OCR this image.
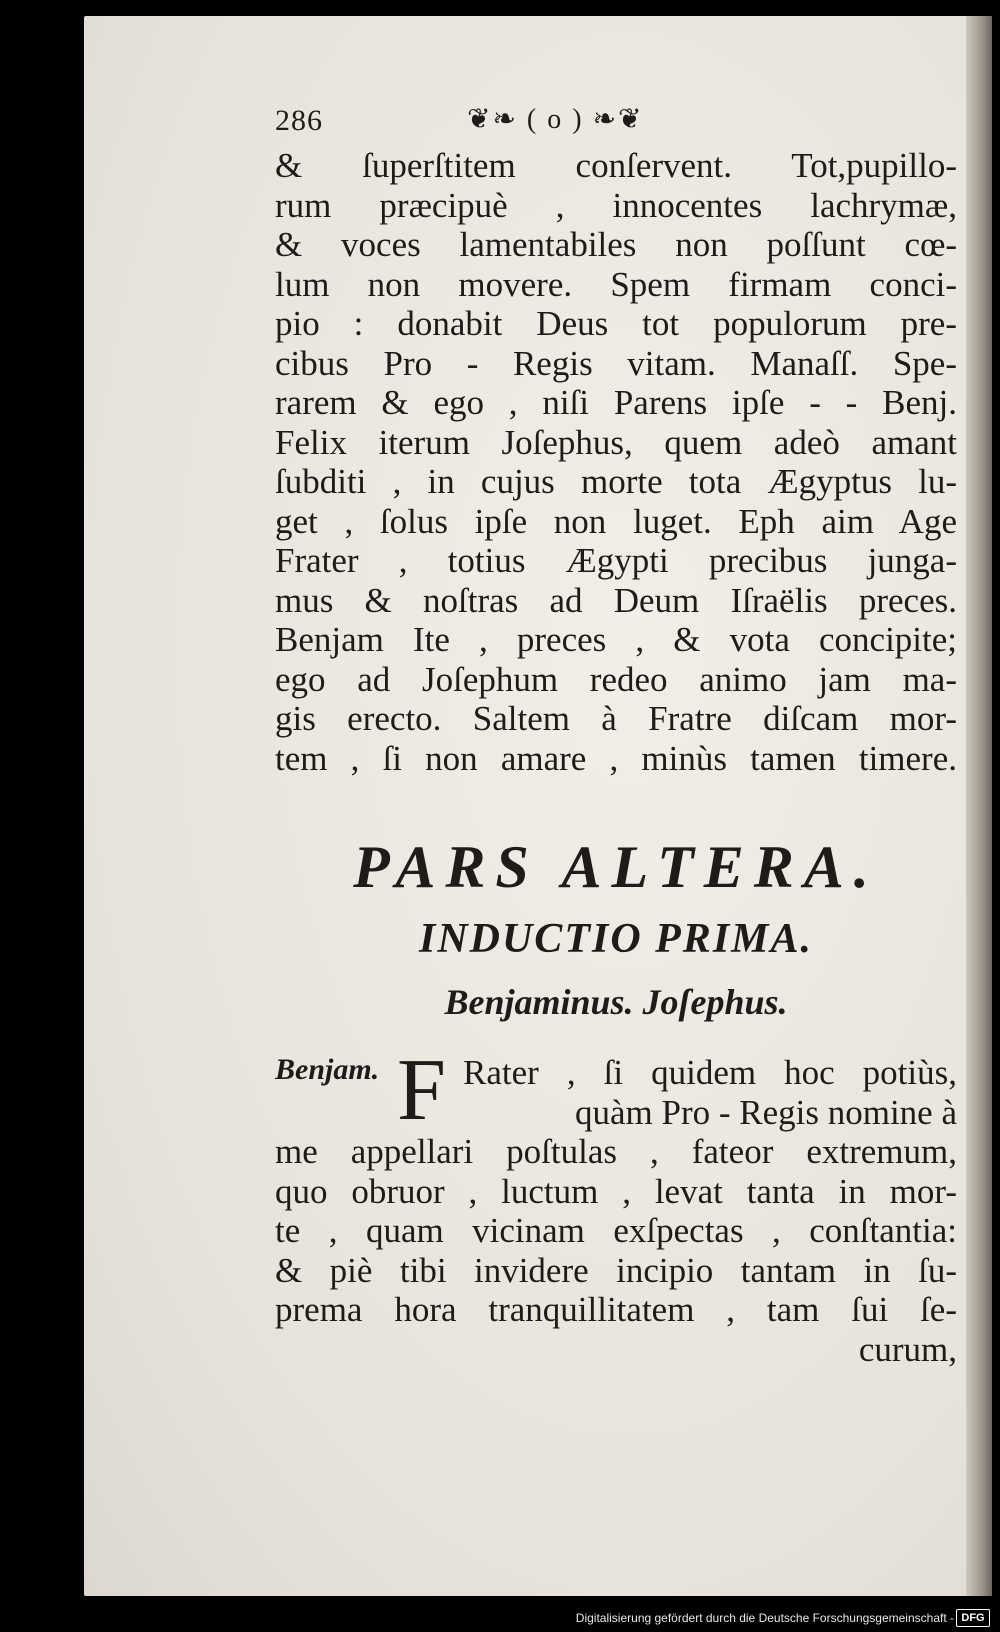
286	❦❧ ( o ) ❧❦
& ſuperſtitem conſervent. Tot,pupillo-
rum præcipuè , innocentes lachrymæ,
& voces lamentabiles non poſſunt cœ-
lum non movere. Spem firmam conci-
pio : donabit Deus tot populorum pre-
cibus Pro - Regis vitam. Manaſſ. Spe-
rarem & ego , niſi Parens ipſe - - Benj.
Felix iterum Joſephus, quem adeò amant
ſubditi , in cujus morte tota Ægyptus lu-
get , ſolus ipſe non luget. Eph aim Age
Frater , totius Ægypti precibus junga-
mus & noſtras ad Deum Iſraëlis preces.
Benjam Ite , preces , & vota concipite;
ego ad Joſephum redeo animo jam ma-
gis erecto. Saltem à Fratre diſcam mor-
tem , ſi non amare , minùs tamen timere.
PARS ALTERA.
INDUCTIO PRIMA.
Benjaminus. Joſephus.
Benjam. F Rater , ſi quidem hoc potiùs,
quàm Pro - Regis nomine à
me appellari poſtulas , fateor extremum,
quo obruor , luctum , levat tanta in mor-
te , quam vicinam exſpectas , conſtantia:
& piè tibi invidere incipio tantam in ſu-
prema hora tranquillitatem , tam ſui ſe-
curum,
Digitalisierung gefördert durch die Deutsche Forschungsgemeinschaft - DFG
